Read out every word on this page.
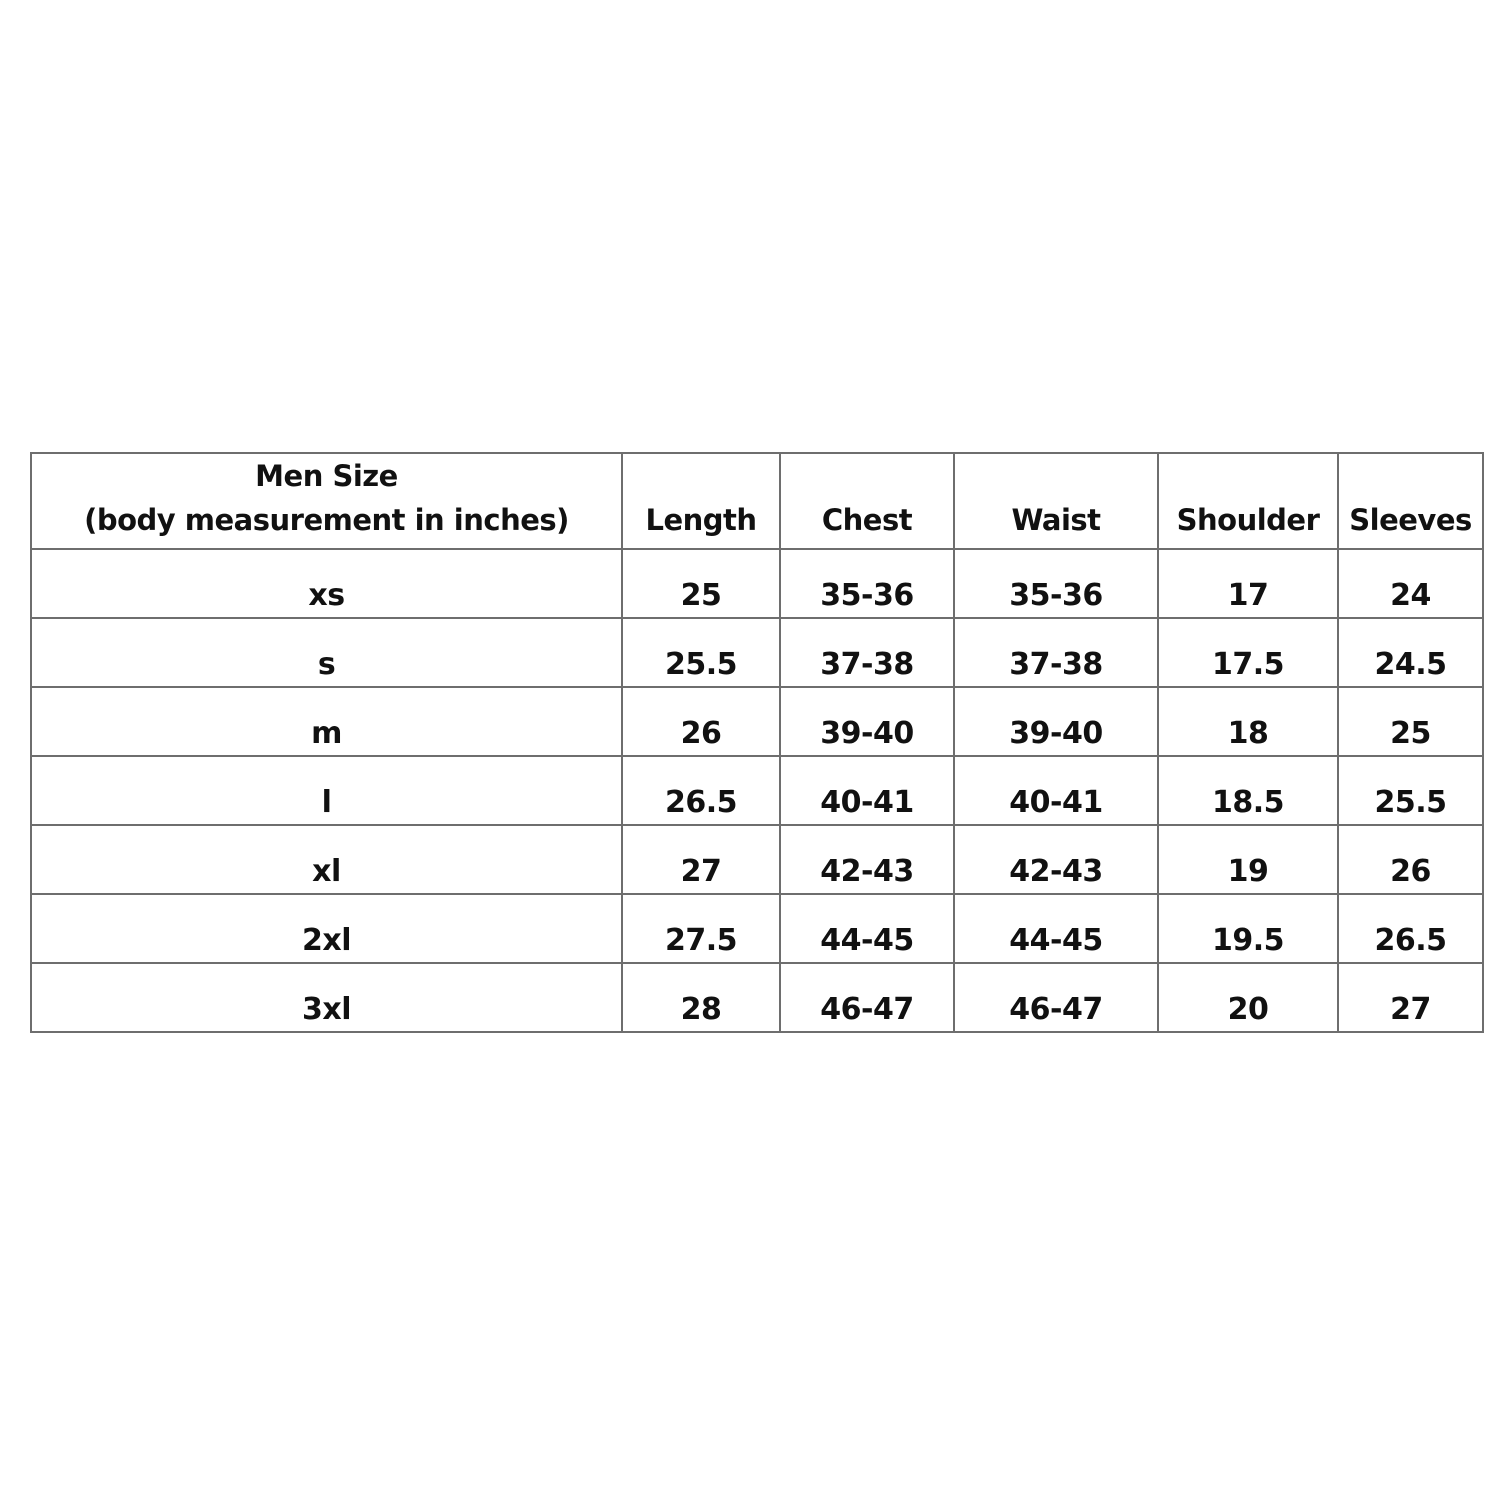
Men Size
(body measurement in inches)	Length	Chest	Waist	Shoulder	Sleeves
xs	25	35-36	35-36	17	24
s	25.5	37-38	37-38	17.5	24.5
m	26	39-40	39-40	18	25
l	26.5	40-41	40-41	18.5	25.5
xl	27	42-43	42-43	19	26
2xl	27.5	44-45	44-45	19.5	26.5
3xl	28	46-47	46-47	20	27
